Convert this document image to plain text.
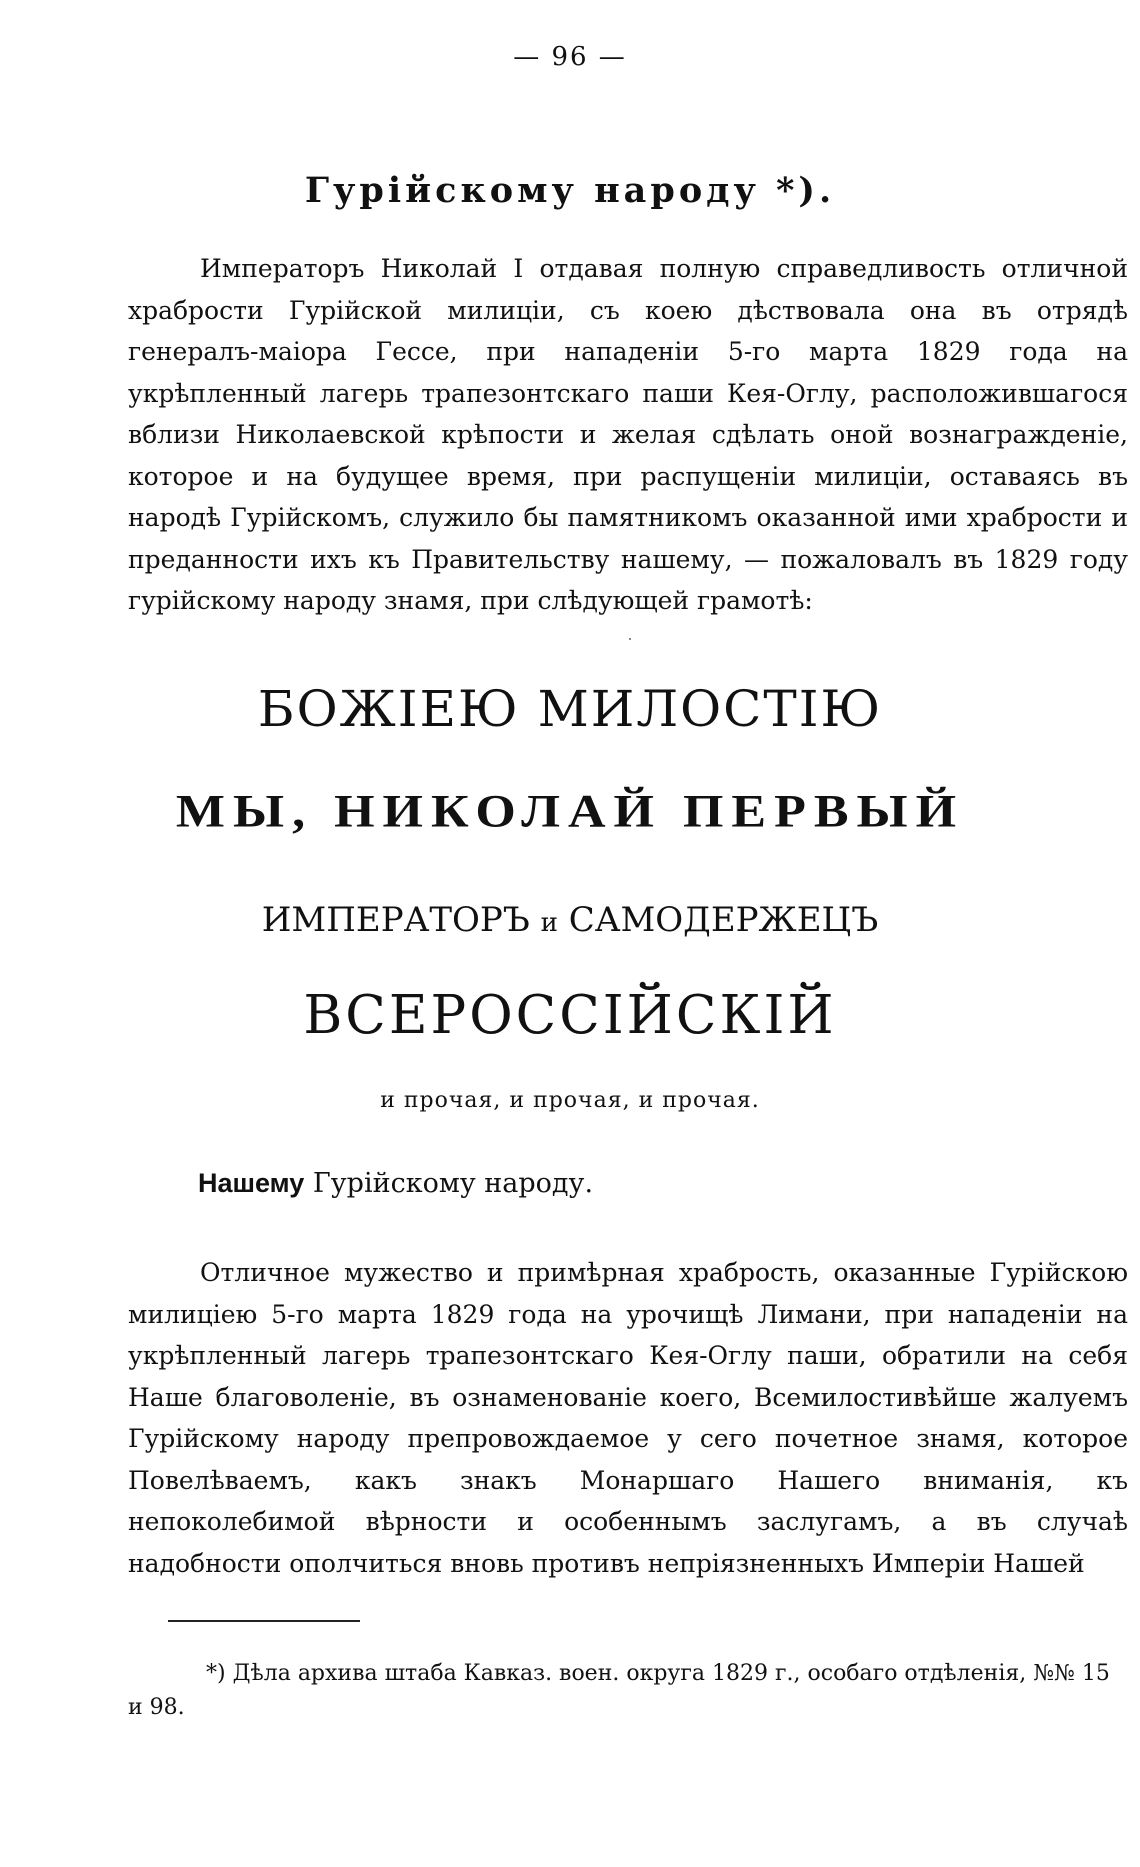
— 96 —
Гурійскому народу *).
Императоръ Николай I отдавая полную справедливость отличной храбрости Гурійской милиціи, съ коею дѣствовала она въ отрядѣ генералъ-маіора Гессе, при нападеніи 5-го марта 1829 года на укрѣпленный лагерь трапезонтскаго паши Кея-Оглу, расположившагося вблизи Николаевской крѣпости и желая сдѣлать оной вознагражденіе, которое и на будущее время, при распущеніи милиціи, оставаясь въ народѣ Гурійскомъ, служило бы памятникомъ оказанной ими храбрости и преданности ихъ къ Правительству нашему, — пожаловалъ въ 1829 году гурійскому народу знамя, при слѣдующей грамотѣ:
БОЖІЕЮ МИЛОСТІЮ
МЫ, НИКОЛАЙ ПЕРВЫЙ
ИМПЕРАТОРЪ и САМОДЕРЖЕЦЪ
ВСЕРОССІЙСКІЙ
и прочая, и прочая, и прочая.
Нашему Гурійскому народу.
Отличное мужество и примѣрная храбрость, оказанные Гурійскою милиціею 5-го марта 1829 года на урочищѣ Лимани, при нападеніи на укрѣпленный лагерь трапезонтскаго Кея-Оглу паши, обратили на себя Наше благоволеніе, въ ознаменованіе коего, Всемилостивѣйше жалуемъ Гурійскому народу препровождаемое у сего почетное знамя, которое Повелѣваемъ, какъ знакъ Монаршаго Нашего вниманія, къ непоколебимой вѣрности и особеннымъ заслугамъ, а въ случаѣ надобности ополчиться вновь противъ непріязненныхъ Имперіи Нашей
*) Дѣла архива штаба Кавказ. воен. округа 1829 г., особаго отдѣленія, №№ 15 и 98.
